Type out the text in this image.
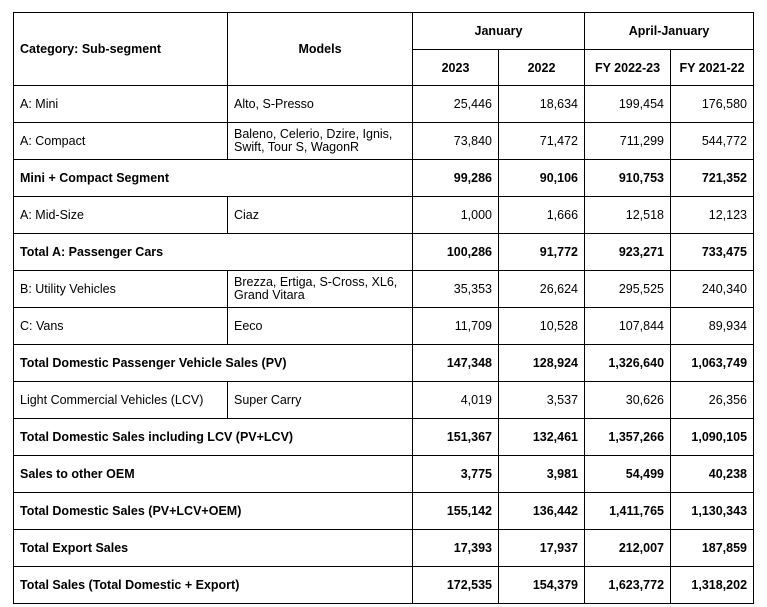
Category: Sub-segment	Models	January		April-January	
		2023	2022	FY 2022-23	FY 2021-22
A: Mini	Alto, S-Presso	25,446	18,634	199,454	176,580
A: Compact	Baleno, Celerio, Dzire, Ignis, Swift, Tour S, WagonR	73,840	71,472	711,299	544,772
Mini + Compact Segment		99,286	90,106	910,753	721,352
A: Mid-Size	Ciaz	1,000	1,666	12,518	12,123
Total A: Passenger Cars		100,286	91,772	923,271	733,475
B: Utility Vehicles	Brezza, Ertiga, S-Cross, XL6, Grand Vitara	35,353	26,624	295,525	240,340
C: Vans	Eeco	11,709	10,528	107,844	89,934
Total Domestic Passenger Vehicle Sales (PV)		147,348	128,924	1,326,640	1,063,749
Light Commercial Vehicles (LCV)	Super Carry	4,019	3,537	30,626	26,356
Total Domestic Sales including LCV (PV+LCV)		151,367	132,461	1,357,266	1,090,105
Sales to other OEM		3,775	3,981	54,499	40,238
Total Domestic Sales (PV+LCV+OEM)		155,142	136,442	1,411,765	1,130,343
Total Export Sales		17,393	17,937	212,007	187,859
Total Sales (Total Domestic + Export)		172,535	154,379	1,623,772	1,318,202
